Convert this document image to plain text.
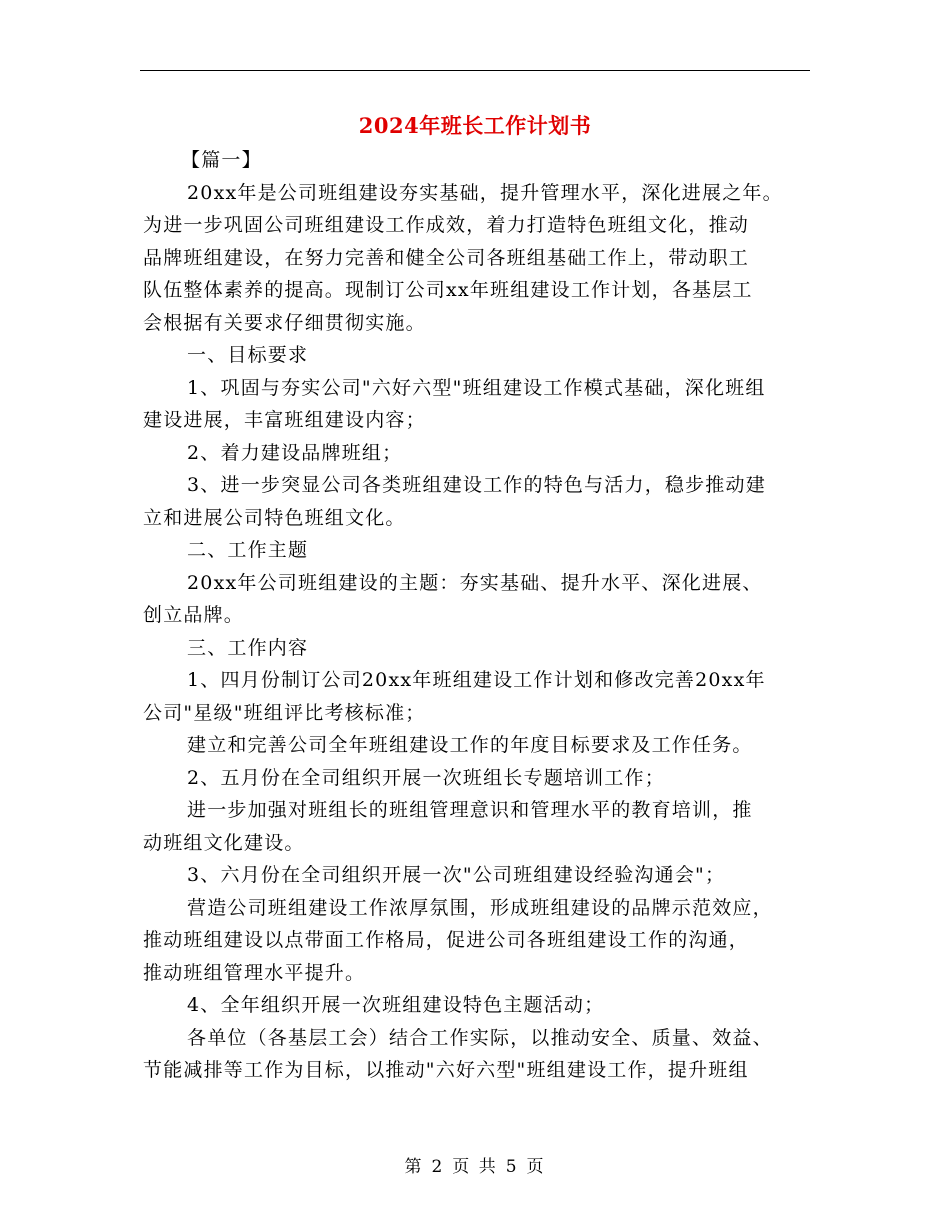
2024年班长工作计划书

【篇一】

20xx年是公司班组建设夯实基础，提升管理水平，深化进展之年。
为进一步巩固公司班组建设工作成效，着力打造特色班组文化，推动
品牌班组建设，在努力完善和健全公司各班组基础工作上，带动职工
队伍整体素养的提高。现制订公司xx年班组建设工作计划，各基层工
会根据有关要求仔细贯彻实施。

一、目标要求

1、巩固与夯实公司"六好六型"班组建设工作模式基础，深化班组
建设进展，丰富班组建设内容；

2、着力建设品牌班组；

3、进一步突显公司各类班组建设工作的特色与活力，稳步推动建
立和进展公司特色班组文化。

二、工作主题

20xx年公司班组建设的主题：夯实基础、提升水平、深化进展、
创立品牌。

三、工作内容

1、四月份制订公司20xx年班组建设工作计划和修改完善20xx年
公司"星级"班组评比考核标准；

建立和完善公司全年班组建设工作的年度目标要求及工作任务。

2、五月份在全司组织开展一次班组长专题培训工作；

进一步加强对班组长的班组管理意识和管理水平的教育培训，推
动班组文化建设。

3、六月份在全司组织开展一次"公司班组建设经验沟通会"；

营造公司班组建设工作浓厚氛围，形成班组建设的品牌示范效应，
推动班组建设以点带面工作格局，促进公司各班组建设工作的沟通，
推动班组管理水平提升。

4、全年组织开展一次班组建设特色主题活动；

各单位（各基层工会）结合工作实际，以推动安全、质量、效益、
节能减排等工作为目标，以推动"六好六型"班组建设工作，提升班组

第 2 页 共 5 页
